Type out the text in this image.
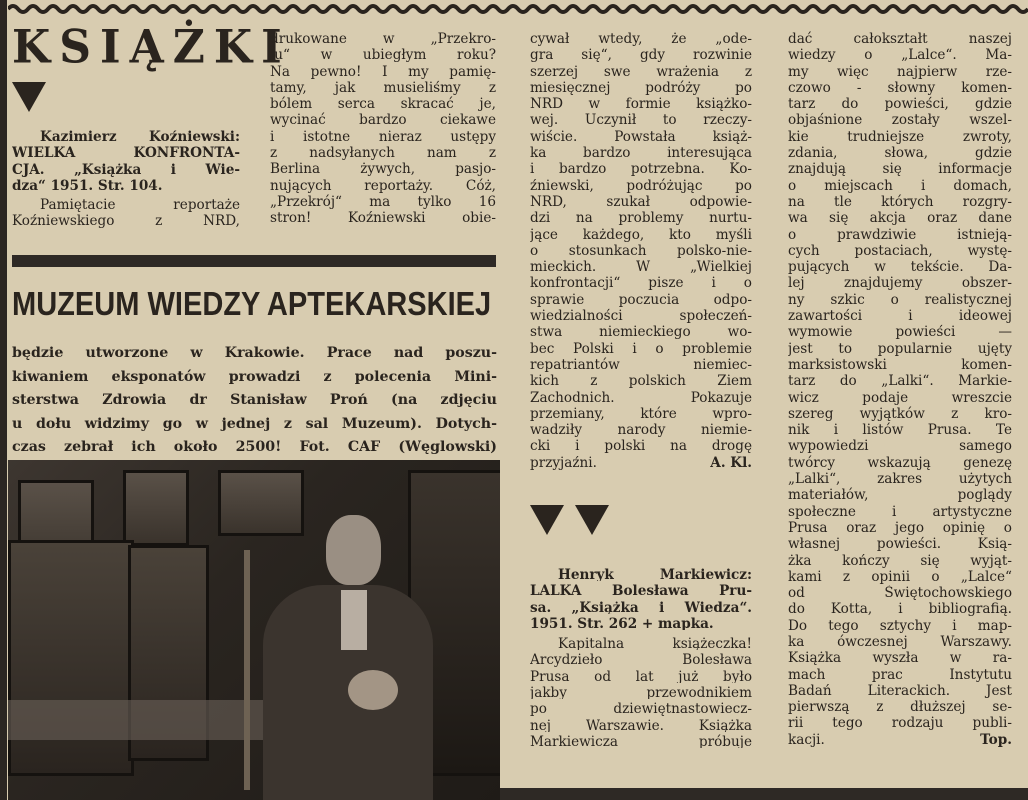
KSIĄŻKI
Kazimierz Koźniewski:
WIELKA KONFRONTA-
CJA. „Książka i Wie-
dza“ 1951. Str. 104.
Pamiętacie reportaże
Koźniewskiego z NRD,
drukowane w „Przekro-
ju“ w ubiegłym roku?
Na pewno! I my pamię-
tamy, jak musieliśmy z
bólem serca skracać je,
wycinać bardzo ciekawe
i istotne nieraz ustępy
z nadsyłanych nam z
Berlina żywych, pasjo-
nujących reportaży. Cóż,
„Przekrój“ ma tylko 16
stron! Koźniewski obie-
cywał wtedy, że „ode-
gra się“, gdy rozwinie
szerzej swe wrażenia z
miesięcznej podróży po
NRD w formie książko-
wej. Uczynił to rzeczy-
wiście. Powstała książ-
ka bardzo interesująca
i bardzo potrzebna. Ko-
źniewski, podróżując po
NRD, szukał odpowie-
dzi na problemy nurtu-
jące każdego, kto myśli
o stosunkach polsko-nie-
mieckich. W „Wielkiej
konfrontacji“ pisze i o
sprawie poczucia odpo-
wiedzialności społeczeń-
stwa niemieckiego wo-
bec Polski i o problemie
repatriantów niemiec-
kich z polskich Ziem
Zachodnich. Pokazuje
przemiany, które wpro-
wadziły narody niemie-
cki i polski na drogę
przyjaźni.	A. Kl.
MUZEUM WIEDZY APTEKARSKIEJ
będzie utworzone w Krakowie. Prace nad poszu-
kiwaniem eksponatów prowadzi z polecenia Mini-
sterstwa Zdrowia dr Stanisław Proń (na zdjęciu
u dołu widzimy go w jednej z sal Muzeum). Dotych-
czas zebrał ich około 2500! Fot. CAF (Węglowski)
Henryk Markiewicz:
LALKA Bolesława Pru-
sa. „Książka i Wiedza“.
1951. Str. 262 + mapka.
Kapitalna książeczka!
Arcydzieło Bolesława
Prusa od lat już było
jakby przewodnikiem
po dziewiętnastowiecz-
nej Warszawie. Książka
Markiewicza próbuje
dać całokształt naszej
wiedzy o „Lalce“. Ma-
my więc najpierw rze-
czowo - słowny komen-
tarz do powieści, gdzie
objaśnione zostały wszel-
kie trudniejsze zwroty,
zdania, słowa, gdzie
znajdują się informacje
o miejscach i domach,
na tle których rozgry-
wa się akcja oraz dane
o prawdziwie istnieją-
cych postaciach, wystę-
pujących w tekście. Da-
lej znajdujemy obszer-
ny szkic o realistycznej
zawartości i ideowej
wymowie powieści —
jest to popularnie ujęty
marksistowski komen-
tarz do „Lalki“. Markie-
wicz podaje wreszcie
szereg wyjątków z kro-
nik i listów Prusa. Te
wypowiedzi samego
twórcy wskazują genezę
„Lalki“, zakres użytych
materiałów, poglądy
społeczne i artystyczne
Prusa oraz jego opinię o
własnej powieści. Ksią-
żka kończy się wyjąt-
kami z opinii o „Lalce“
od Świętochowskiego
do Kotta, i bibliografią.
Do tego sztychy i map-
ka ówczesnej Warszawy.
Książka wyszła w ra-
mach prac Instytutu
Badań Literackich. Jest
pierwszą z dłuższej se-
rii tego rodzaju publi-
kacji.	Top.
